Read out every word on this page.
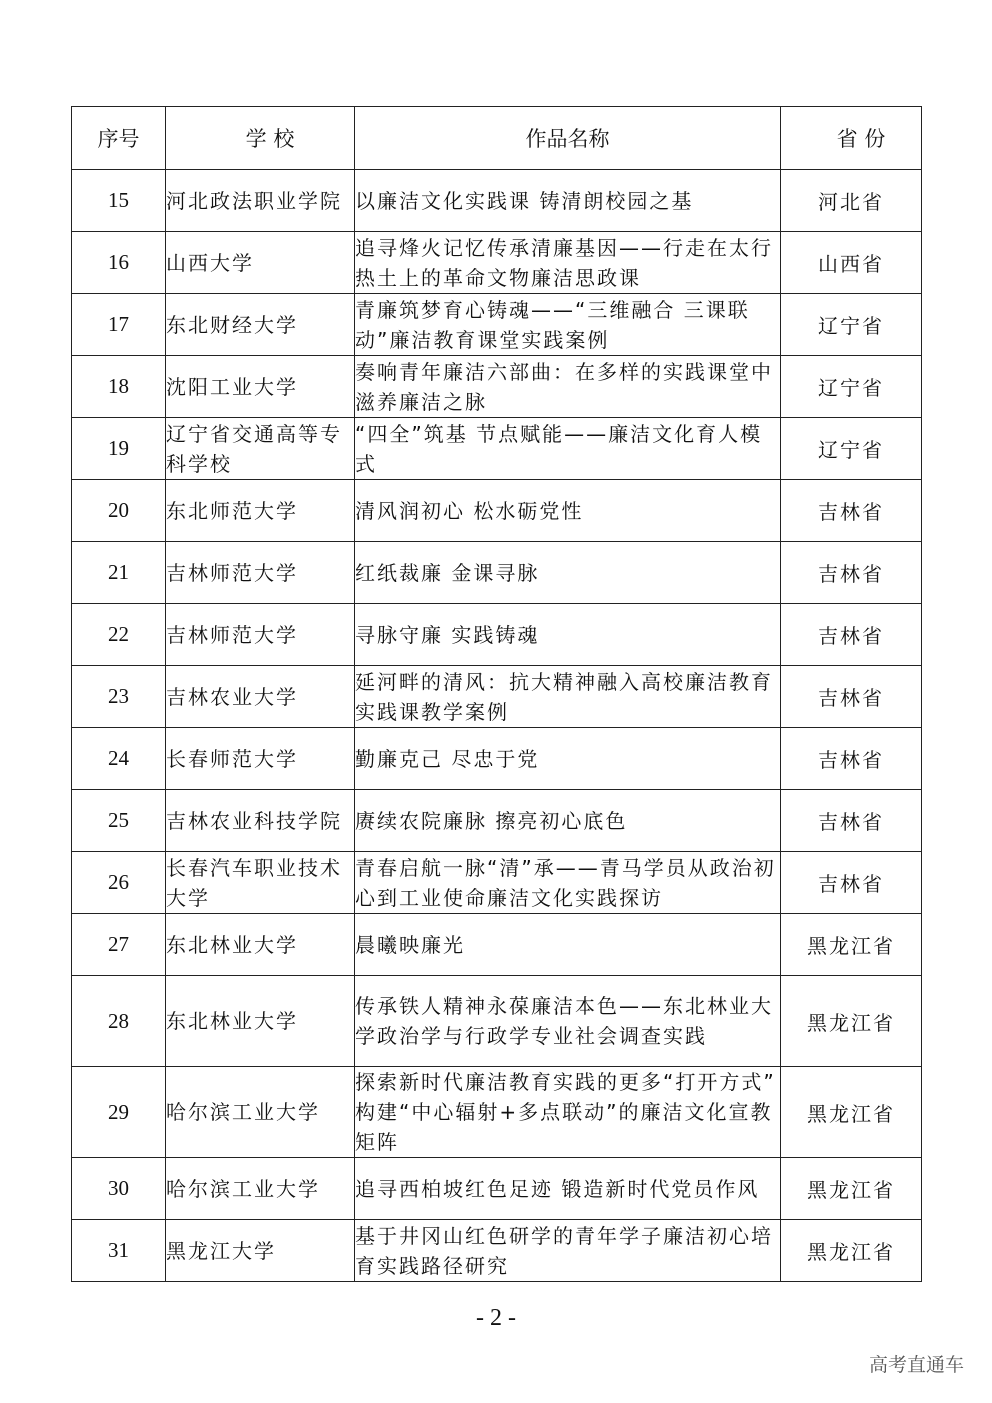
序号	学 校	作品名称	省 份
15	河北政法职业学院	以廉洁文化实践课 铸清朗校园之基	河北省
16	山西大学	追寻烽火记忆传承清廉基因——行走在太行热土上的革命文物廉洁思政课	山西省
17	东北财经大学	青廉筑梦育心铸魂——“三维融合 三课联动”廉洁教育课堂实践案例	辽宁省
18	沈阳工业大学	奏响青年廉洁六部曲：在多样的实践课堂中滋养廉洁之脉	辽宁省
19	辽宁省交通高等专科学校	“四全”筑基 节点赋能——廉洁文化育人模式	辽宁省
20	东北师范大学	清风润初心 松水砺党性	吉林省
21	吉林师范大学	红纸裁廉 金课寻脉	吉林省
22	吉林师范大学	寻脉守廉 实践铸魂	吉林省
23	吉林农业大学	延河畔的清风：抗大精神融入高校廉洁教育实践课教学案例	吉林省
24	长春师范大学	勤廉克己 尽忠于党	吉林省
25	吉林农业科技学院	赓续农院廉脉 擦亮初心底色	吉林省
26	长春汽车职业技术大学	青春启航一脉“清”承——青马学员从政治初心到工业使命廉洁文化实践探访	吉林省
27	东北林业大学	晨曦映廉光	黑龙江省
28	东北林业大学	传承铁人精神永葆廉洁本色——东北林业大学政治学与行政学专业社会调查实践	黑龙江省
29	哈尔滨工业大学	探索新时代廉洁教育实践的更多“打开方式” 构建“中心辐射+多点联动”的廉洁文化宣教矩阵	黑龙江省
30	哈尔滨工业大学	追寻西柏坡红色足迹 锻造新时代党员作风	黑龙江省
31	黑龙江大学	基于井冈山红色研学的青年学子廉洁初心培育实践路径研究	黑龙江省
- 2 -
高考直通车
